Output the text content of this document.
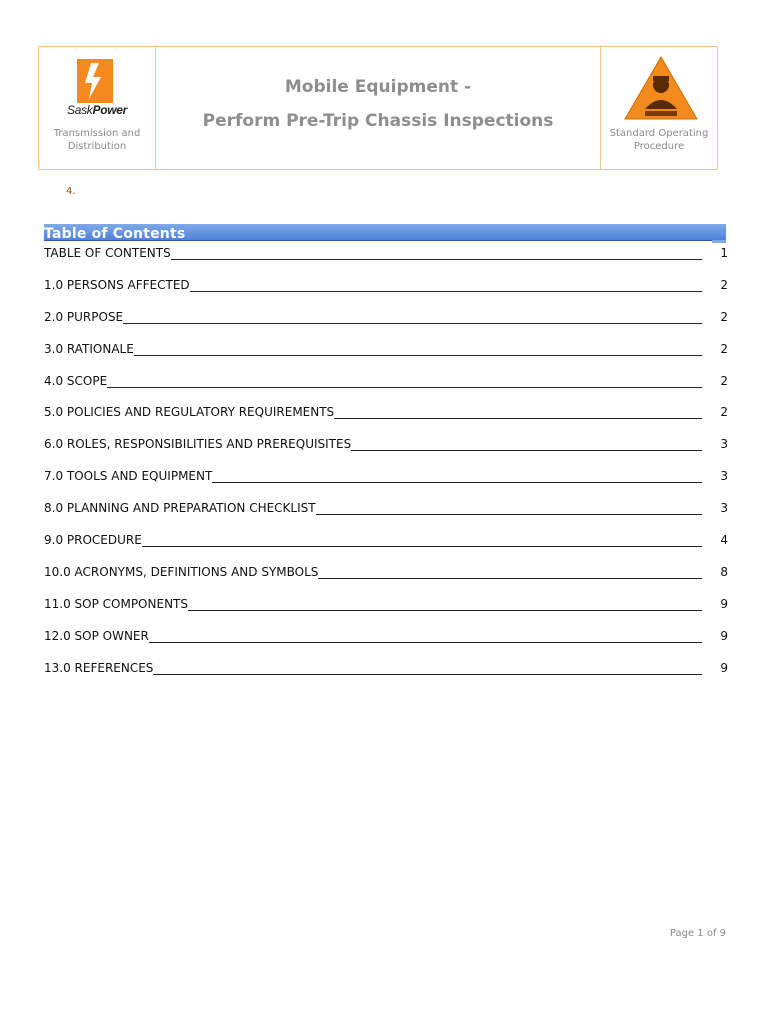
SaskPower
Transmission and
Distribution
Mobile Equipment -
Perform Pre-Trip Chassis Inspections
Standard Operating
Procedure
4.
Table of Contents
TABLE OF CONTENTS	1
1.0 PERSONS AFFECTED	2
2.0 PURPOSE	2
3.0 RATIONALE	2
4.0 SCOPE	2
5.0 POLICIES AND REGULATORY REQUIREMENTS	2
6.0 ROLES, RESPONSIBILITIES AND PREREQUISITES	3
7.0 TOOLS AND EQUIPMENT	3
8.0 PLANNING AND PREPARATION CHECKLIST	3
9.0 PROCEDURE	4
10.0 ACRONYMS, DEFINITIONS AND SYMBOLS	8
11.0 SOP COMPONENTS	9
12.0 SOP OWNER	9
13.0 REFERENCES	9
Page 1 of 9
